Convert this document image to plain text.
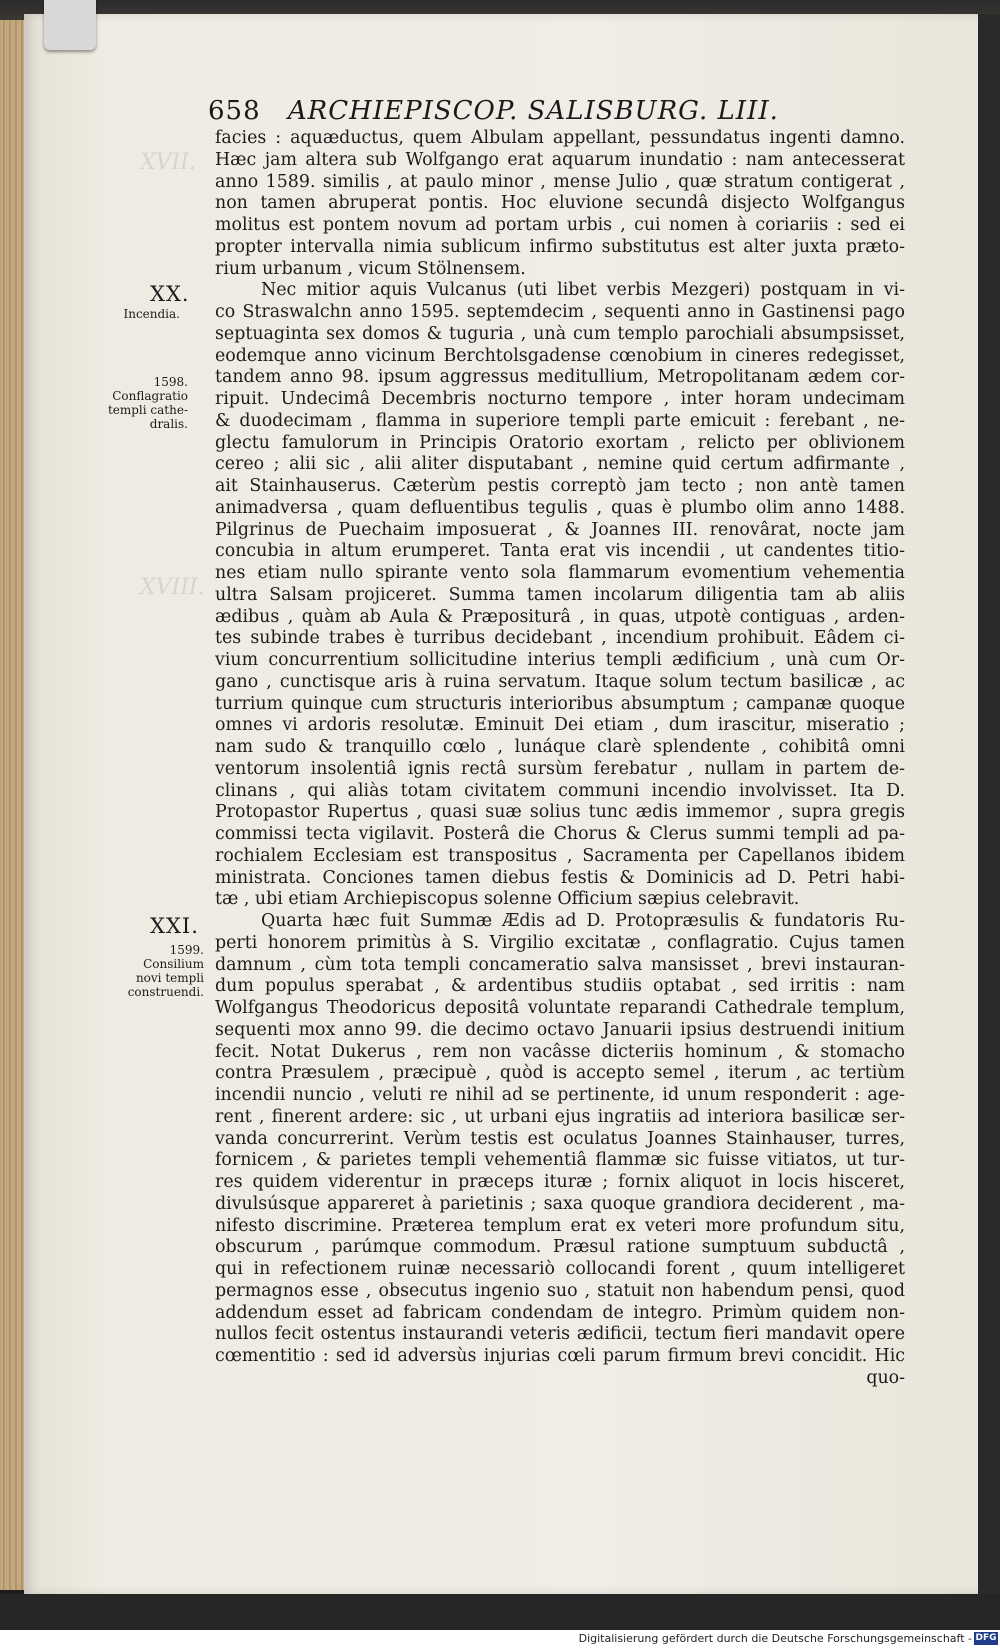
XVII.
XVIII.
658 ARCHIEPISCOP. SALISBURG. LIII.
XX.
Incendia.
1598.
Conflagratio
templi cathe-
dralis.
XXI.
1599.
Consilium
novi templi
construendi.
facies : aquæductus, quem Albulam appellant, pessundatus ingenti damno.
Hæc jam altera sub Wolfgango erat aquarum inundatio : nam antecesserat
anno 1589. similis , at paulo minor , mense Julio , quæ stratum contigerat ,
non tamen abruperat pontis. Hoc eluvione secundâ disjecto Wolfgangus
molitus est pontem novum ad portam urbis , cui nomen à coriariis : sed ei
propter intervalla nimia sublicum infirmo substitutus est alter juxta præto-
rium urbanum , vicum Stölnensem.
Nec mitior aquis Vulcanus (uti libet verbis Mezgeri) postquam in vi-
co Straswalchn anno 1595. septemdecim , sequenti anno in Gastinensi pago
septuaginta sex domos & tuguria , unà cum templo parochiali absumpsisset,
eodemque anno vicinum Berchtolsgadense cœnobium in cineres redegisset,
tandem anno 98. ipsum aggressus meditullium, Metropolitanam ædem cor-
ripuit. Undecimâ Decembris nocturno tempore , inter horam undecimam
& duodecimam , flamma in superiore templi parte emicuit : ferebant , ne-
glectu famulorum in Principis Oratorio exortam , relicto per oblivionem
cereo ; alii sic , alii aliter disputabant , nemine quid certum adfirmante ,
ait Stainhauserus. Cæterùm pestis correptò jam tecto ; non antè tamen
animadversa , quam defluentibus tegulis , quas è plumbo olim anno 1488.
Pilgrinus de Puechaim imposuerat , & Joannes III. renovârat, nocte jam
concubia in altum erumperet. Tanta erat vis incendii , ut candentes titio-
nes etiam nullo spirante vento sola flammarum evomentium vehementia
ultra Salsam projiceret. Summa tamen incolarum diligentia tam ab aliis
ædibus , quàm ab Aula & Præpositurâ , in quas, utpotè contiguas , arden-
tes subinde trabes è turribus decidebant , incendium prohibuit. Eâdem ci-
vium concurrentium sollicitudine interius templi ædificium , unà cum Or-
gano , cunctisque aris à ruina servatum. Itaque solum tectum basilicæ , ac
turrium quinque cum structuris interioribus absumptum ; campanæ quoque
omnes vi ardoris resolutæ. Eminuit Dei etiam , dum irascitur, miseratio ;
nam sudo & tranquillo cœlo , lunáque clarè splendente , cohibitâ omni
ventorum insolentiâ ignis rectâ sursùm ferebatur , nullam in partem de-
clinans , qui aliàs totam civitatem communi incendio involvisset. Ita D.
Protopastor Rupertus , quasi suæ solius tunc ædis immemor , supra gregis
commissi tecta vigilavit. Posterâ die Chorus & Clerus summi templi ad pa-
rochialem Ecclesiam est transpositus , Sacramenta per Capellanos ibidem
ministrata. Conciones tamen diebus festis & Dominicis ad D. Petri habi-
tæ , ubi etiam Archiepiscopus solenne Officium sæpius celebravit.
Quarta hæc fuit Summæ Ædis ad D. Protopræsulis & fundatoris Ru-
perti honorem primitùs à S. Virgilio excitatæ , conflagratio. Cujus tamen
damnum , cùm tota templi concameratio salva mansisset , brevi instauran-
dum populus sperabat , & ardentibus studiis optabat , sed irritis : nam
Wolfgangus Theodoricus depositâ voluntate reparandi Cathedrale templum,
sequenti mox anno 99. die decimo octavo Januarii ipsius destruendi initium
fecit. Notat Dukerus , rem non vacâsse dicteriis hominum , & stomacho
contra Præsulem , præcipuè , quòd is accepto semel , iterum , ac tertiùm
incendii nuncio , veluti re nihil ad se pertinente, id unum responderit : age-
rent , finerent ardere: sic , ut urbani ejus ingratiis ad interiora basilicæ ser-
vanda concurrerint. Verùm testis est oculatus Joannes Stainhauser, turres,
fornicem , & parietes templi vehementiâ flammæ sic fuisse vitiatos, ut tur-
res quidem viderentur in præceps ituræ ; fornix aliquot in locis hisceret,
divulsúsque appareret à parietinis ; saxa quoque grandiora deciderent , ma-
nifesto discrimine. Præterea templum erat ex veteri more profundum situ,
obscurum , parúmque commodum. Præsul ratione sumptuum subductâ ,
qui in refectionem ruinæ necessariò collocandi forent , quum intelligeret
permagnos esse , obsecutus ingenio suo , statuit non habendum pensi, quod
addendum esset ad fabricam condendam de integro. Primùm quidem non-
nullos fecit ostentus instaurandi veteris ædificii, tectum fieri mandavit opere
cœmentitio : sed id adversùs injurias cœli parum firmum brevi concidit. Hic
quo-
Digitalisierung gefördert durch die Deutsche Forschungsgemeinschaft - DFG
